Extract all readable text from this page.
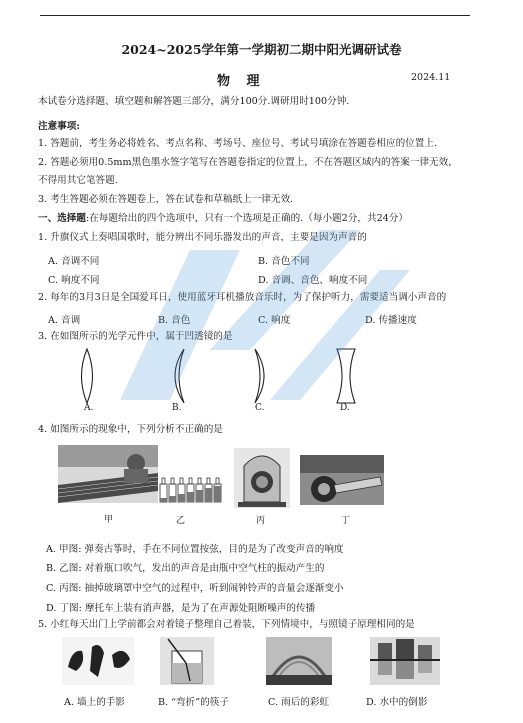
2024~2025学年第一学期初二期中阳光调研试卷
物 理	2024.11
本试卷分选择题、填空题和解答题三部分，满分100分.调研用时100分钟.
注意事项:
1. 答题前，考生务必将姓名、考点名称、考场号、座位号、考试号填涂在答题卷相应的位置上.
2. 答题必须用0.5mm黑色墨水签字笔写在答题卷指定的位置上，不在答题区域内的答案一律无效，
不得用其它笔答题.
3. 考生答题必须在答题卷上，答在试卷和草稿纸上一律无效.
一、选择题:在每题给出的四个选项中，只有一个选项是正确的.（每小题2分，共24分）
1. 升旗仪式上奏唱国歌时，能分辨出不同乐器发出的声音，主要是因为声音的
A. 音调不同	B. 音色不同
C. 响度不同	D. 音调、音色、响度不同
2. 每年的3月3日是全国爱耳日，使用蓝牙耳机播放音乐时，为了保护听力，需要适当调小声音的
A. 音调	B. 音色	C. 响度	D. 传播速度
3. 在如图所示的光学元件中，属于凹透镜的是
A.	B.	C.	D.
4. 如图所示的现象中，下列分析不正确的是
甲	乙	丙	丁
A. 甲图: 弹奏古筝时，手在不同位置按弦，目的是为了改变声音的响度
B. 乙图: 对着瓶口吹气，发出的声音是由瓶中空气柱的振动产生的
C. 丙图: 抽掉玻璃罩中空气的过程中，听到闹钟铃声的音量会逐渐变小
D. 丁图: 摩托车上装有消声器，是为了在声源处阻断噪声的传播
5. 小红每天出门上学前都会对着镜子整理自己着装，下列情境中，与照镜子原理相同的是
A. 墙上的手影	B. “弯折”的筷子	C. 雨后的彩虹	D. 水中的倒影
